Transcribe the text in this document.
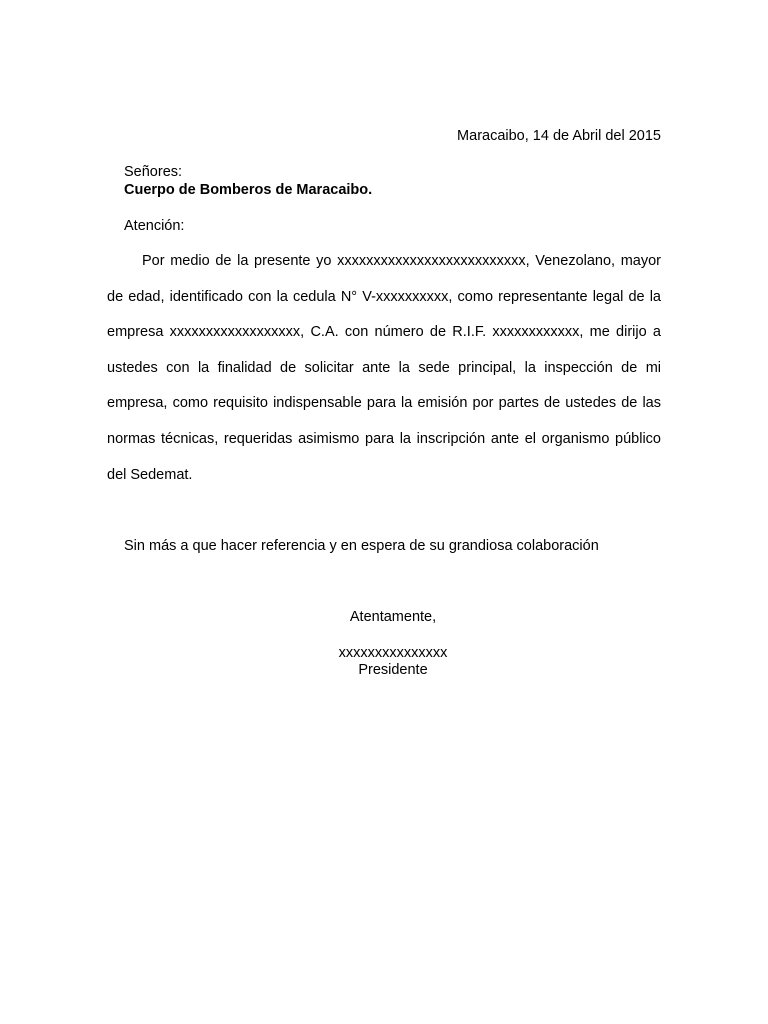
Maracaibo, 14 de Abril del 2015
Señores:
Cuerpo de Bomberos de Maracaibo.
Atención:

Por medio de la presente yo xxxxxxxxxxxxxxxxxxxxxxxxxx, Venezolano, mayor de edad, identificado con la cedula N° V-xxxxxxxxxx, como representante legal de la empresa xxxxxxxxxxxxxxxxxx, C.A. con número de R.I.F. xxxxxxxxxxxx, me dirijo a ustedes con la finalidad de solicitar ante la sede principal, la inspección de mi empresa, como requisito indispensable para la emisión por partes de ustedes de las normas técnicas, requeridas asimismo para la inscripción ante el organismo público del Sedemat.

Sin más a que hacer referencia y en espera de su grandiosa colaboración
Atentamente,
xxxxxxxxxxxxxxx
Presidente
